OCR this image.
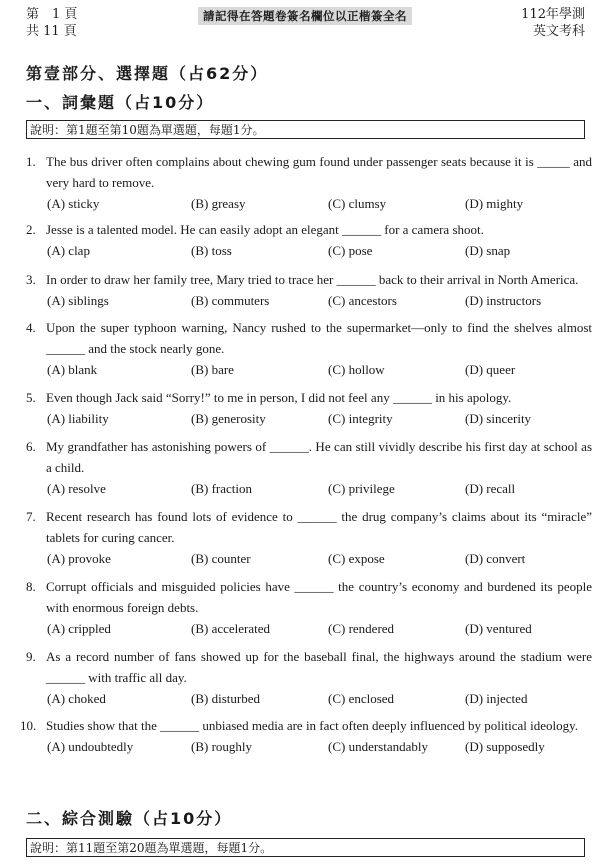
第　1 頁
共 11 頁
請記得在答題卷簽名欄位以正楷簽全名	112年學測
英文考科
第壹部分、選擇題（占62分）
一、詞彙題（占10分）
說明：第1題至第10題為單選題，每題1分。
1. The bus driver often complains about chewing gum found under passenger seats because it is _____ and very hard to remove.
(A) sticky	(B) greasy	(C) clumsy	(D) mighty
2. Jesse is a talented model. He can easily adopt an elegant ______ for a camera shoot.
(A) clap	(B) toss	(C) pose	(D) snap
3. In order to draw her family tree, Mary tried to trace her ______ back to their arrival in North America.
(A) siblings	(B) commuters	(C) ancestors	(D) instructors
4. Upon the super typhoon warning, Nancy rushed to the supermarket—only to find the shelves almost ______ and the stock nearly gone.
(A) blank	(B) bare	(C) hollow	(D) queer
5. Even though Jack said “Sorry!” to me in person, I did not feel any ______ in his apology.
(A) liability	(B) generosity	(C) integrity	(D) sincerity
6. My grandfather has astonishing powers of ______. He can still vividly describe his first day at school as a child.
(A) resolve	(B) fraction	(C) privilege	(D) recall
7. Recent research has found lots of evidence to ______ the drug company’s claims about its “miracle” tablets for curing cancer.
(A) provoke	(B) counter	(C) expose	(D) convert
8. Corrupt officials and misguided policies have ______ the country’s economy and burdened its people with enormous foreign debts.
(A) crippled	(B) accelerated	(C) rendered	(D) ventured
9. As a record number of fans showed up for the baseball final, the highways around the stadium were ______ with traffic all day.
(A) choked	(B) disturbed	(C) enclosed	(D) injected
10. Studies show that the ______ unbiased media are in fact often deeply influenced by political ideology.
(A) undoubtedly	(B) roughly	(C) understandably	(D) supposedly
二、綜合測驗（占10分）
說明：第11題至第20題為單選題，每題1分。
